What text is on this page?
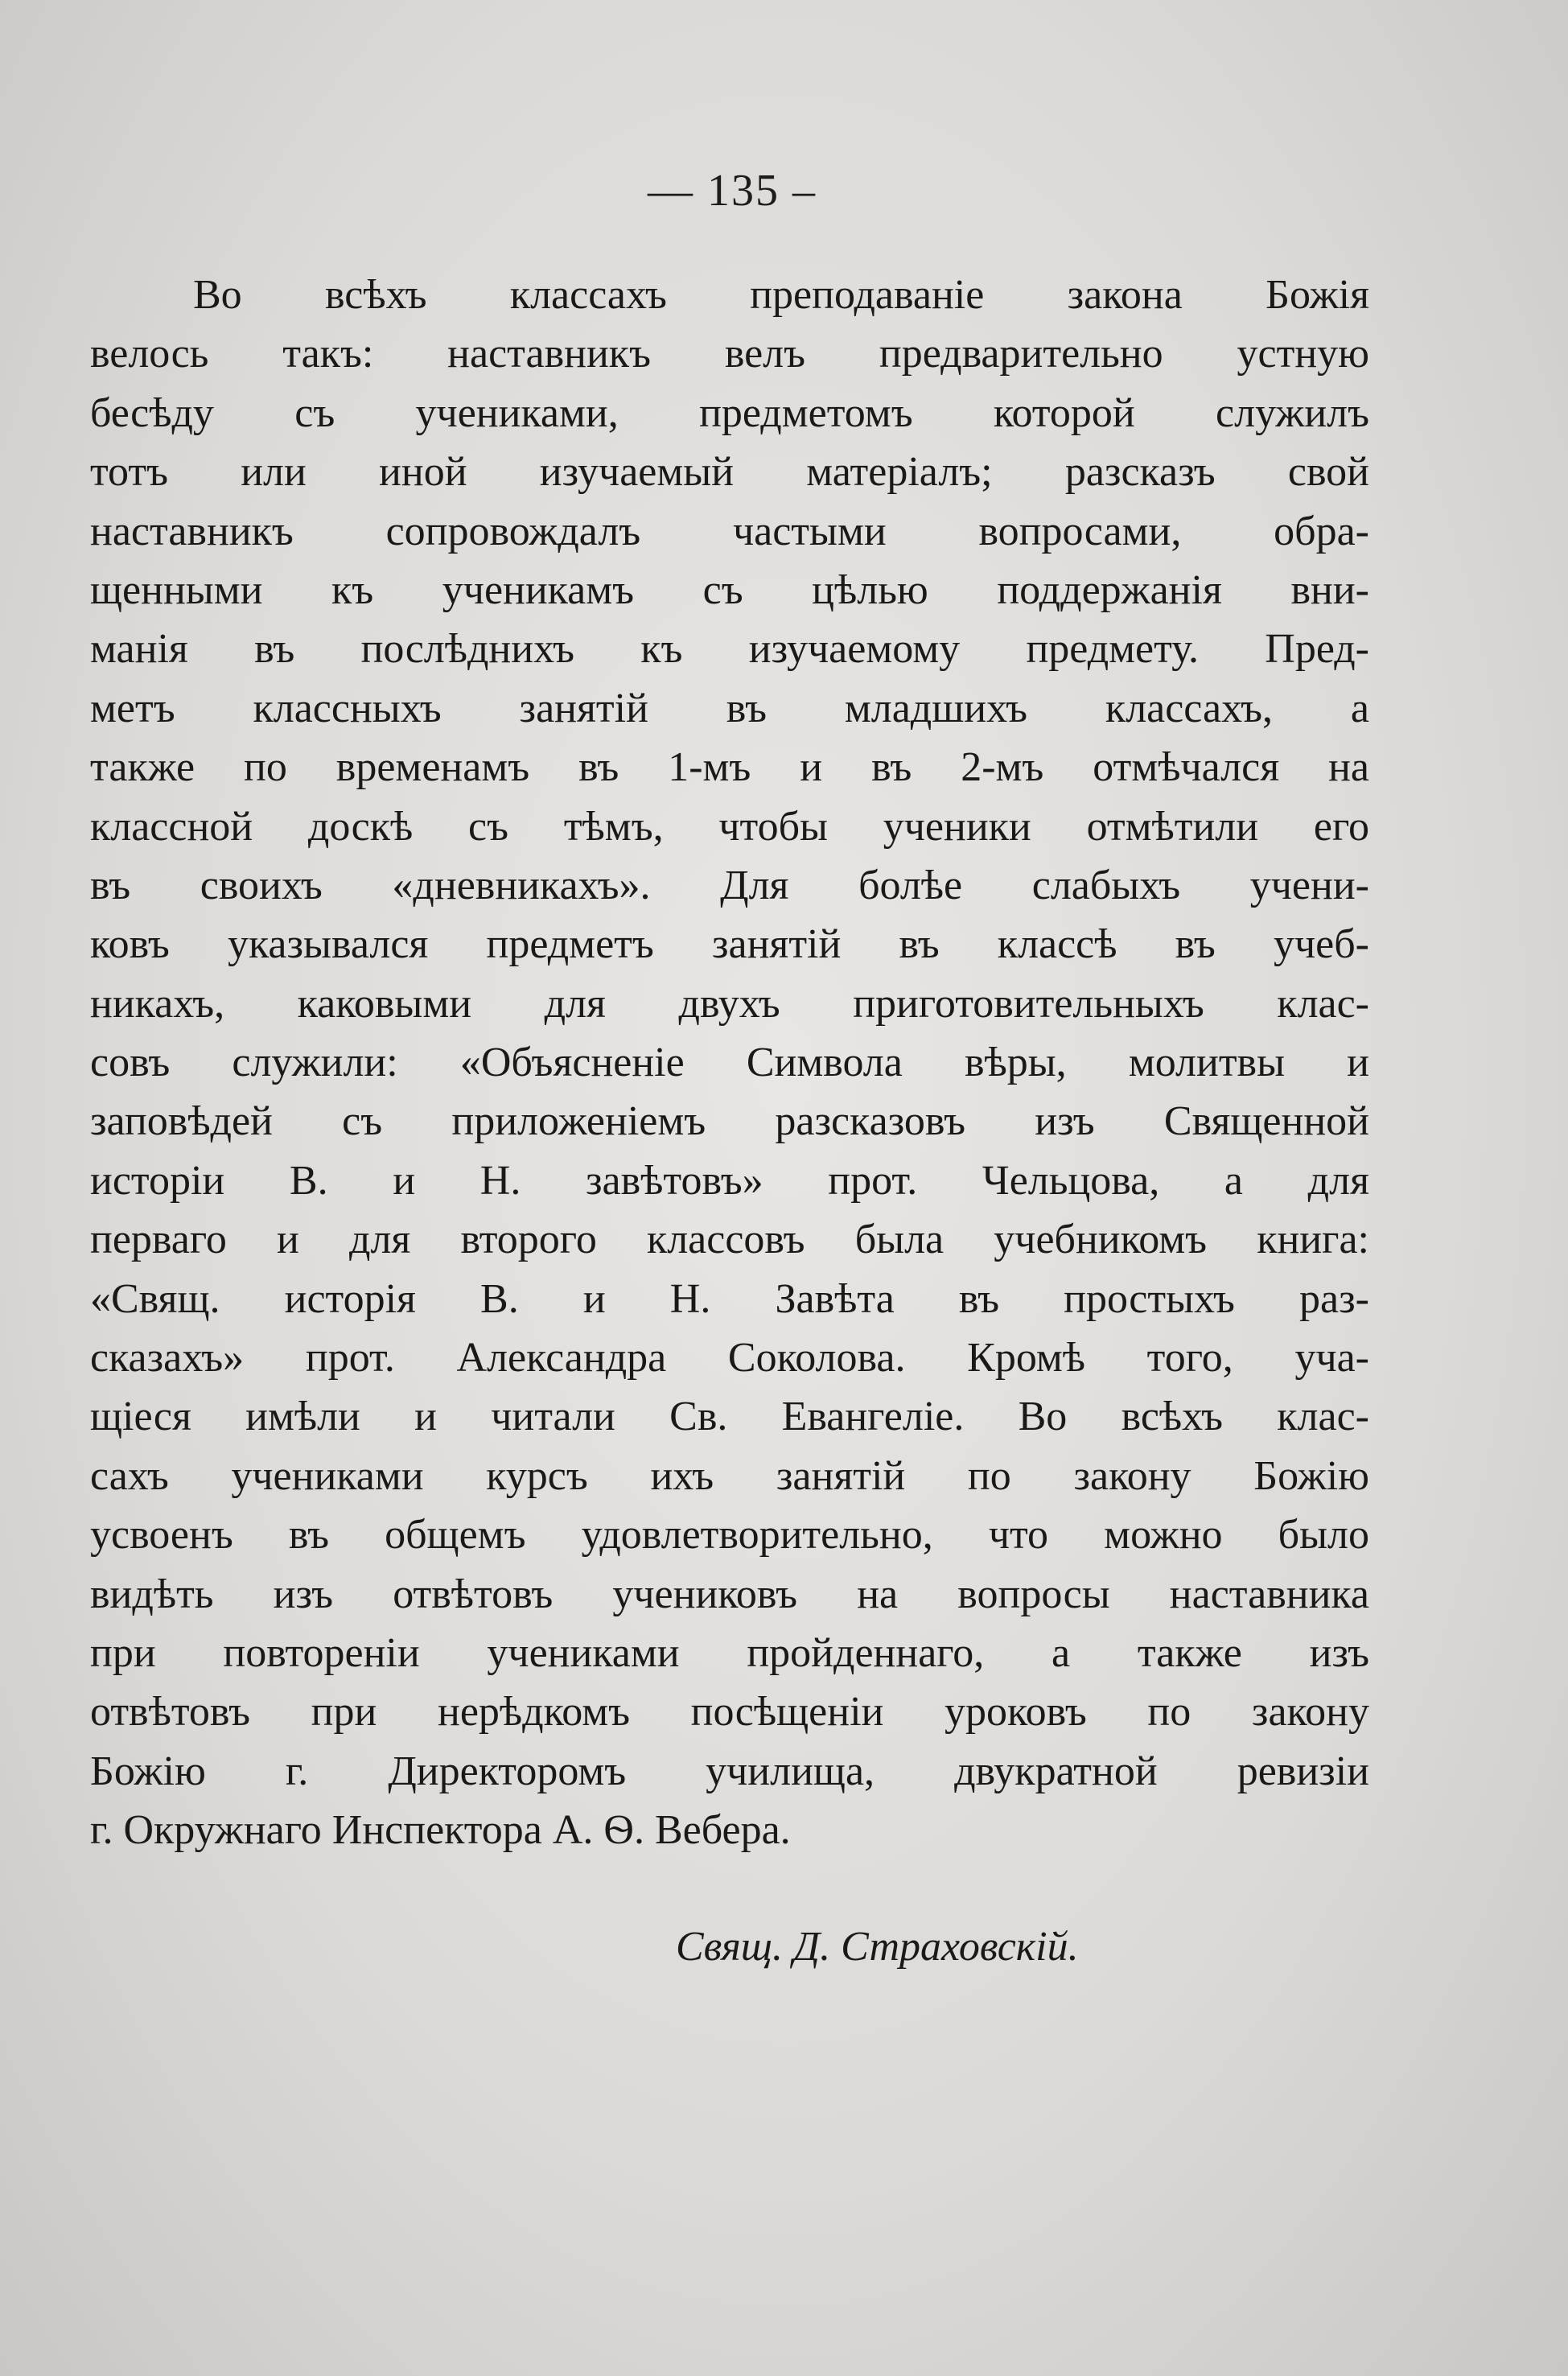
— 135 –
Во всѣхъ классахъ преподаваніе закона Божія
велось такъ: наставникъ велъ предварительно устную
бесѣду съ учениками, предметомъ которой служилъ
тотъ или иной изучаемый матеріалъ; разсказъ свой
наставникъ сопровождалъ частыми вопросами, обра-
щенными къ ученикамъ съ цѣлью поддержанія вни-
манія въ послѣднихъ къ изучаемому предмету. Пред-
метъ классныхъ занятій въ младшихъ классахъ, а
также по временамъ въ 1-мъ и въ 2-мъ отмѣчался на
классной доскѣ съ тѣмъ, чтобы ученики отмѣтили его
въ своихъ «дневникахъ». Для болѣе слабыхъ учени-
ковъ указывался предметъ занятій въ классѣ въ учеб-
никахъ, каковыми для двухъ приготовительныхъ клас-
совъ служили: «Объясненіе Символа вѣры, молитвы и
заповѣдей съ приложеніемъ разсказовъ изъ Священной
исторіи В. и Н. завѣтовъ» прот. Чельцова, а для
перваго и для второго классовъ была учебникомъ книга:
«Свящ. исторія В. и Н. Завѣта въ простыхъ раз-
сказахъ» прот. Александра Соколова. Кромѣ того, уча-
щіеся имѣли и читали Св. Евангеліе. Во всѣхъ клас-
сахъ учениками курсъ ихъ занятій по закону Божію
усвоенъ въ общемъ удовлетворительно, что можно было
видѣть изъ отвѣтовъ учениковъ на вопросы наставника
при повтореніи учениками пройденнаго, а также изъ
отвѣтовъ при нерѣдкомъ посѣщеніи уроковъ по закону
Божію г. Директоромъ училища, двукратной ревизіи
г. Окружнаго Инспектора А. Ѳ. Вебера.
Свящ. Д. Страховскій.
